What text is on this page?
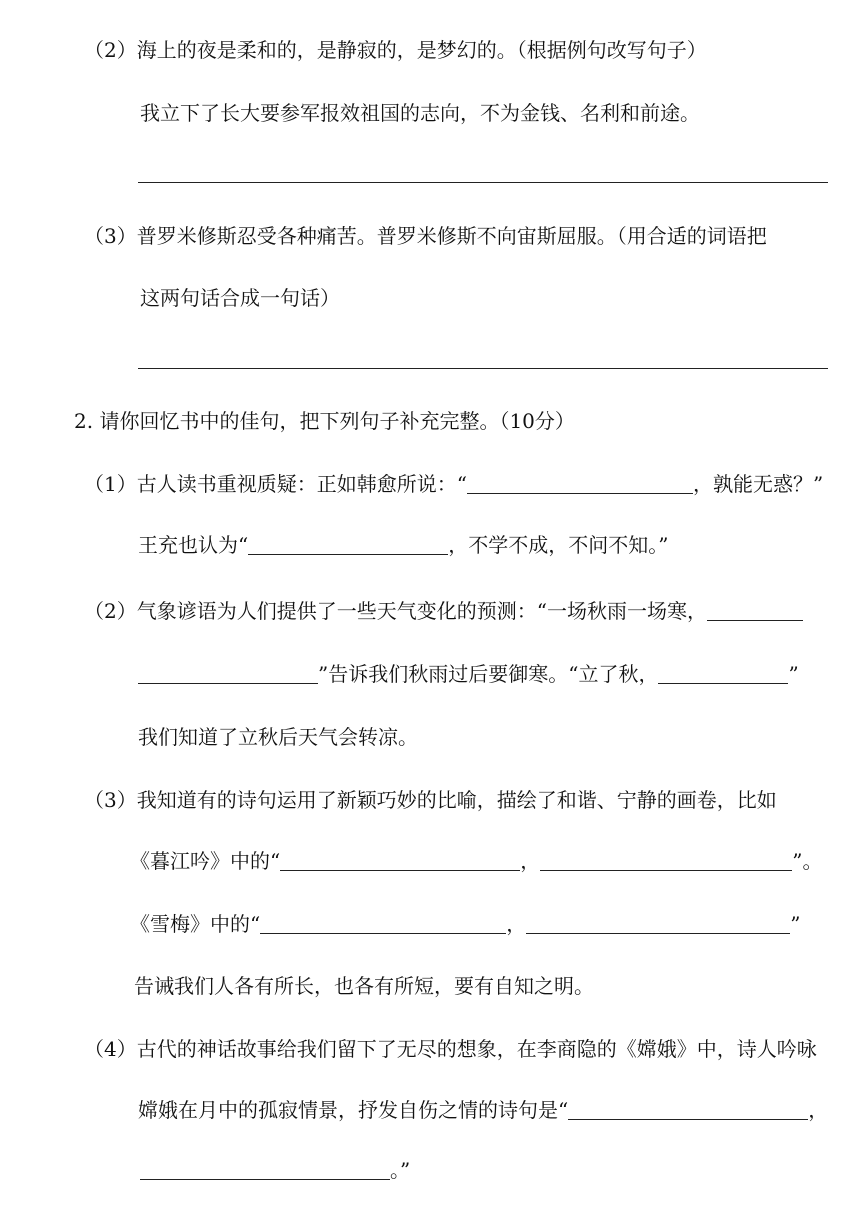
（2）海上的夜是柔和的，是静寂的，是梦幻的。（根据例句改写句子）
我立下了长大要参军报效祖国的志向，不为金钱、名利和前途。
（3）普罗米修斯忍受各种痛苦。普罗米修斯不向宙斯屈服。（用合适的词语把
这两句话合成一句话）
2. 请你回忆书中的佳句，把下列句子补充完整。（10分）
（1）古人读书重视质疑：正如韩愈所说：“	，孰能无惑？”
王充也认为“	，不学不成，不问不知。”
（2）气象谚语为人们提供了一些天气变化的预测：“一场秋雨一场寒，
”告诉我们秋雨过后要御寒。“立了秋，	”
我们知道了立秋后天气会转凉。
（3）我知道有的诗句运用了新颖巧妙的比喻，描绘了和谐、宁静的画卷，比如
《暮江吟》中的“	，	”。
《雪梅》中的“	，	”
告诫我们人各有所长，也各有所短，要有自知之明。
（4）古代的神话故事给我们留下了无尽的想象，在李商隐的《嫦娥》中，诗人吟咏
嫦娥在月中的孤寂情景，抒发自伤之情的诗句是“	，
。”
